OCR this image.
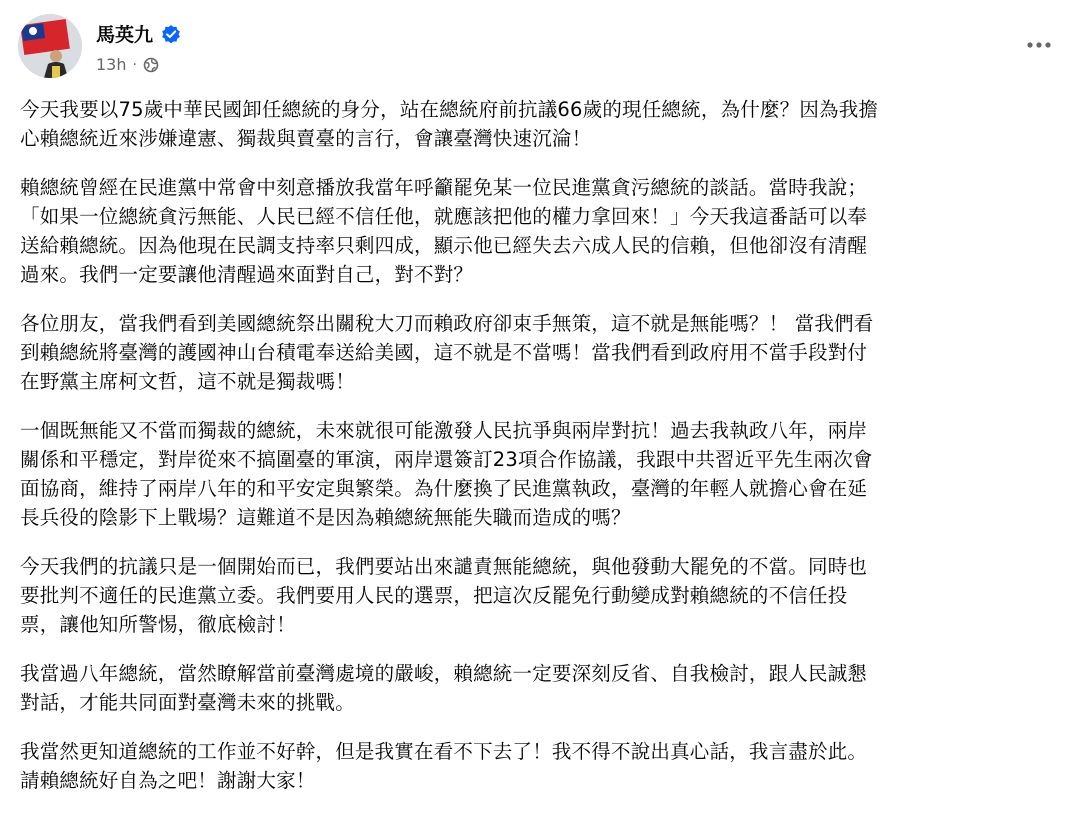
馬英九
13h ·

今天我要以75歲中華民國卸任總統的身分，站在總統府前抗議66歲的現任總統，為什麼？因為我擔
心賴總統近來涉嫌違憲、獨裁與賣臺的言行，會讓臺灣快速沉淪！

賴總統曾經在民進黨中常會中刻意播放我當年呼籲罷免某一位民進黨貪污總統的談話。當時我說；
「如果一位總統貪污無能、人民已經不信任他，就應該把他的權力拿回來！」今天我這番話可以奉
送給賴總統。因為他現在民調支持率只剩四成，顯示他已經失去六成人民的信賴，但他卻沒有清醒
過來。我們一定要讓他清醒過來面對自己，對不對？

各位朋友，當我們看到美國總統祭出關稅大刀而賴政府卻束手無策，這不就是無能嗎？！ 當我們看
到賴總統將臺灣的護國神山台積電奉送給美國，這不就是不當嗎！當我們看到政府用不當手段對付
在野黨主席柯文哲，這不就是獨裁嗎！

一個既無能又不當而獨裁的總統，未來就很可能激發人民抗爭與兩岸對抗！過去我執政八年，兩岸
關係和平穩定，對岸從來不搞圍臺的軍演，兩岸還簽訂23項合作協議，我跟中共習近平先生兩次會
面協商，維持了兩岸八年的和平安定與繁榮。為什麼換了民進黨執政，臺灣的年輕人就擔心會在延
長兵役的陰影下上戰場？這難道不是因為賴總統無能失職而造成的嗎？

今天我們的抗議只是一個開始而已，我們要站出來譴責無能總統，與他發動大罷免的不當。同時也
要批判不適任的民進黨立委。我們要用人民的選票，把這次反罷免行動變成對賴總統的不信任投
票，讓他知所警惕，徹底檢討！

我當過八年總統，當然瞭解當前臺灣處境的嚴峻，賴總統一定要深刻反省、自我檢討，跟人民誠懇
對話，才能共同面對臺灣未來的挑戰。

我當然更知道總統的工作並不好幹，但是我實在看不下去了！我不得不說出真心話，我言盡於此。
請賴總統好自為之吧！謝謝大家！
